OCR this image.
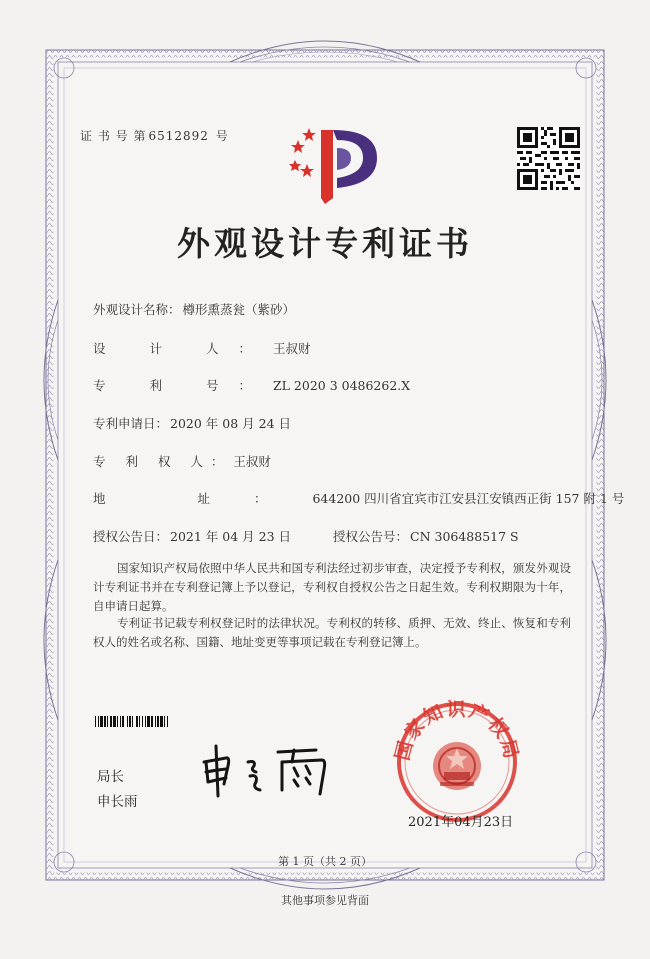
证 书 号 第 6512892 号
外观设计专利证书
外观设计名称： 樽形熏蒸瓮（紫砂）
设 计 人： 王叔财
专 利 号： ZL 2020 3 0486262.X
专利申请日： 2020 年 08 月 24 日
专 利 权 人： 王叔财
地 址： 644200 四川省宜宾市江安县江安镇西正街 157 附 1 号
授权公告日： 2021 年 04 月 23 日	授权公告号： CN 306488517 S
国家知识产权局依照中华人民共和国专利法经过初步审查，决定授予专利权，颁发外观设计专利证书并在专利登记簿上予以登记，专利权自授权公告之日起生效。专利权期限为十年，自申请日起算。
专利证书记载专利权登记时的法律状况。专利权的转移、质押、无效、终止、恢复和专利权人的姓名或名称、国籍、地址变更等事项记载在专利登记簿上。
局长
申长雨
国家知识产权局
2021年04月23日
第 1 页（共 2 页）
其他事项参见背面
